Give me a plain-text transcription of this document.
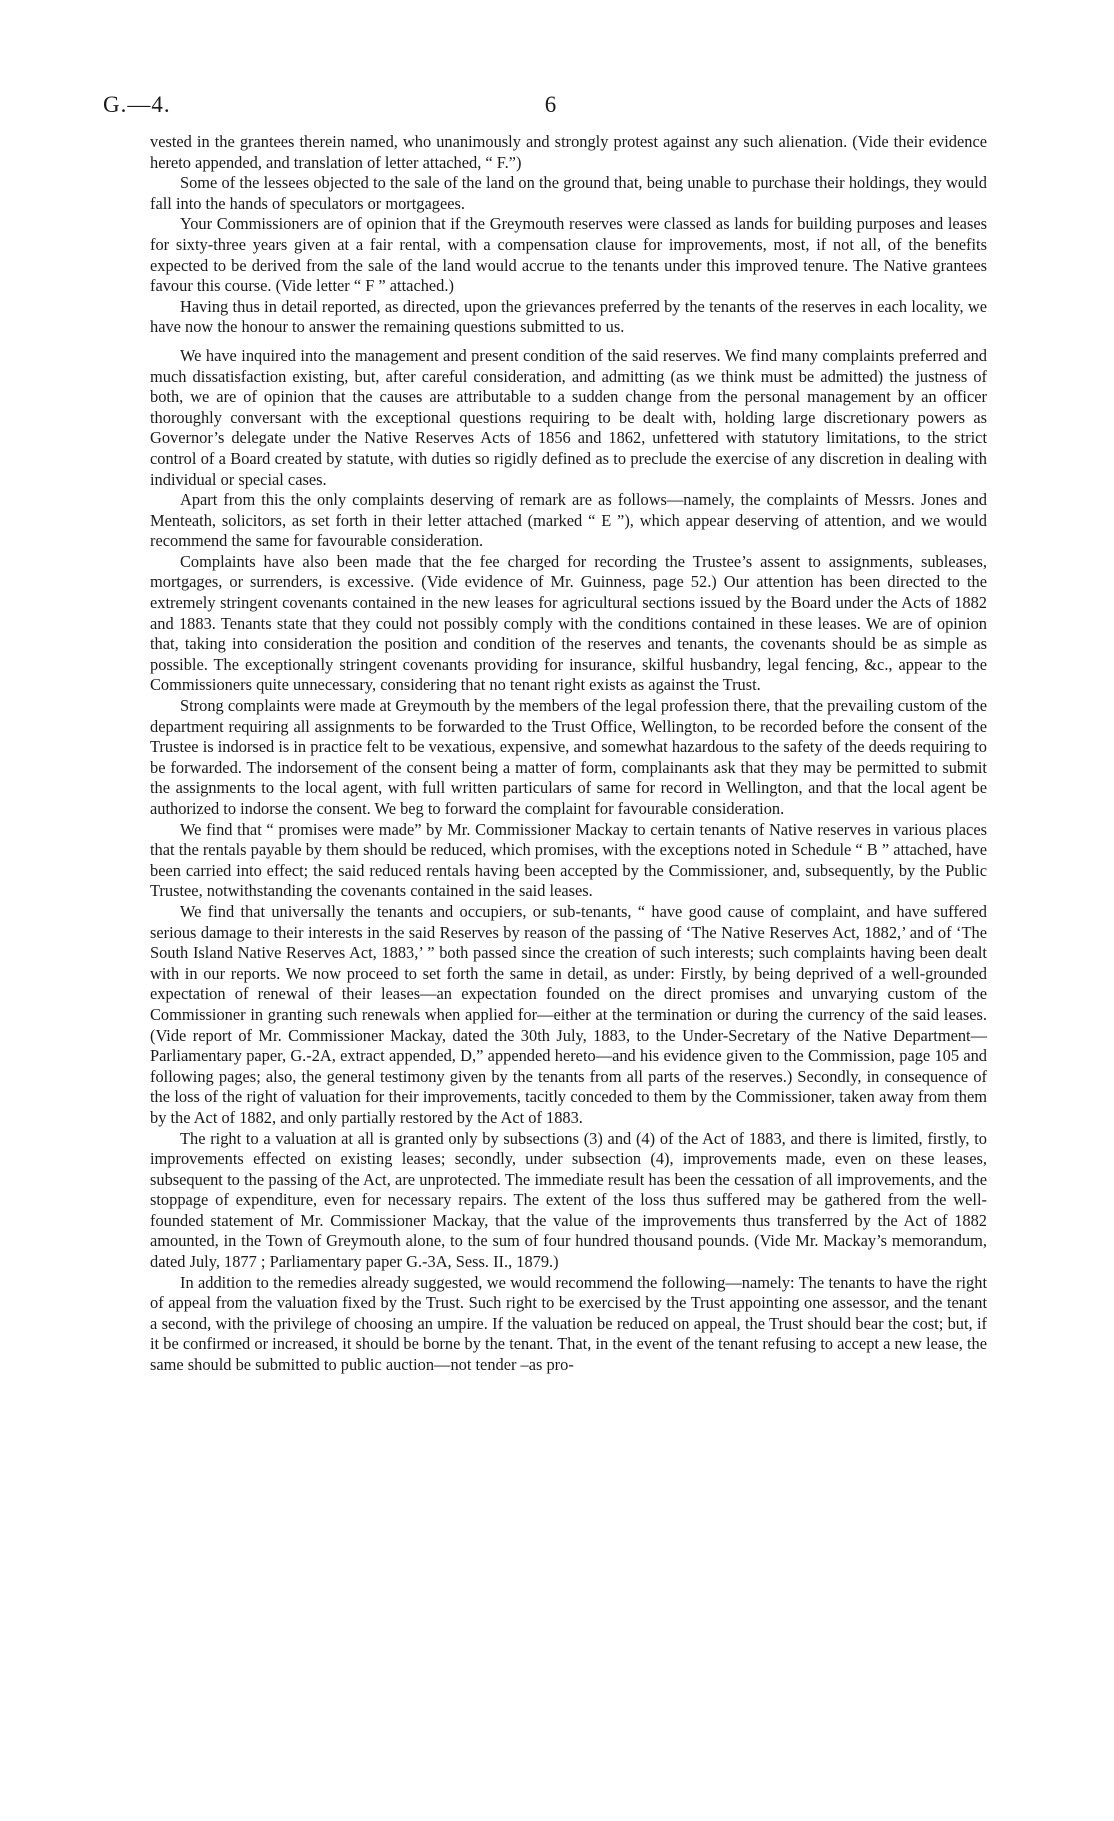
G.—4.	6

vested in the grantees therein named, who unanimously and strongly protest against any such alienation. (Vide their evidence hereto appended, and translation of letter attached, “ F.”)

Some of the lessees objected to the sale of the land on the ground that, being unable to purchase their holdings, they would fall into the hands of speculators or mortgagees.

Your Commissioners are of opinion that if the Greymouth reserves were classed as lands for building purposes and leases for sixty-three years given at a fair rental, with a compensation clause for improvements, most, if not all, of the benefits expected to be derived from the sale of the land would accrue to the tenants under this improved tenure. The Native grantees favour this course. (Vide letter “ F ” attached.)

Having thus in detail reported, as directed, upon the grievances preferred by the tenants of the reserves in each locality, we have now the honour to answer the remaining questions submitted to us.

We have inquired into the management and present condition of the said reserves. We find many complaints preferred and much dissatisfaction existing, but, after careful consideration, and admitting (as we think must be admitted) the justness of both, we are of opinion that the causes are attributable to a sudden change from the personal management by an officer thoroughly conversant with the exceptional questions requiring to be dealt with, holding large discretionary powers as Governor’s delegate under the Native Reserves Acts of 1856 and 1862, unfettered with statutory limitations, to the strict control of a Board created by statute, with duties so rigidly defined as to preclude the exercise of any discretion in dealing with individual or special cases.

Apart from this the only complaints deserving of remark are as follows—namely, the complaints of Messrs. Jones and Menteath, solicitors, as set forth in their letter attached (marked “ E ”), which appear deserving of attention, and we would recommend the same for favourable consideration.

Complaints have also been made that the fee charged for recording the Trustee’s assent to assignments, subleases, mortgages, or surrenders, is excessive. (Vide evidence of Mr. Guinness, page 52.) Our attention has been directed to the extremely stringent covenants contained in the new leases for agricultural sections issued by the Board under the Acts of 1882 and 1883. Tenants state that they could not possibly comply with the conditions contained in these leases. We are of opinion that, taking into consideration the position and condition of the reserves and tenants, the covenants should be as simple as possible. The exceptionally stringent covenants providing for insurance, skilful husbandry, legal fencing, &c., appear to the Commissioners quite unnecessary, considering that no tenant right exists as against the Trust.

Strong complaints were made at Greymouth by the members of the legal profession there, that the prevailing custom of the department requiring all assignments to be forwarded to the Trust Office, Wellington, to be recorded before the consent of the Trustee is indorsed is in practice felt to be vexatious, expensive, and somewhat hazardous to the safety of the deeds requiring to be forwarded. The indorsement of the consent being a matter of form, complainants ask that they may be permitted to submit the assignments to the local agent, with full written particulars of same for record in Wellington, and that the local agent be authorized to indorse the consent. We beg to forward the complaint for favourable consideration.

We find that “ promises were made” by Mr. Commissioner Mackay to certain tenants of Native reserves in various places that the rentals payable by them should be reduced, which promises, with the exceptions noted in Schedule “ B ” attached, have been carried into effect; the said reduced rentals having been accepted by the Commissioner, and, subsequently, by the Public Trustee, notwithstanding the covenants contained in the said leases.

We find that universally the tenants and occupiers, or sub-tenants, “ have good cause of complaint, and have suffered serious damage to their interests in the said Reserves by reason of the passing of ‘The Native Reserves Act, 1882,’ and of ‘The South Island Native Reserves Act, 1883,’ ” both passed since the creation of such interests; such complaints having been dealt with in our reports. We now proceed to set forth the same in detail, as under: Firstly, by being deprived of a well-grounded expectation of renewal of their leases—an expectation founded on the direct promises and unvarying custom of the Commissioner in granting such renewals when applied for—either at the termination or during the currency of the said leases. (Vide report of Mr. Commissioner Mackay, dated the 30th July, 1883, to the Under-Secretary of the Native Department—Parliamentary paper, G.-2A, extract appended, D,” appended hereto—and his evidence given to the Commission, page 105 and following pages; also, the general testimony given by the tenants from all parts of the reserves.) Secondly, in consequence of the loss of the right of valuation for their improvements, tacitly conceded to them by the Commissioner, taken away from them by the Act of 1882, and only partially restored by the Act of 1883.

The right to a valuation at all is granted only by subsections (3) and (4) of the Act of 1883, and there is limited, firstly, to improvements effected on existing leases; secondly, under subsection (4), improvements made, even on these leases, subsequent to the passing of the Act, are unprotected. The immediate result has been the cessation of all improvements, and the stoppage of expenditure, even for necessary repairs. The extent of the loss thus suffered may be gathered from the well-founded statement of Mr. Commissioner Mackay, that the value of the improvements thus transferred by the Act of 1882 amounted, in the Town of Greymouth alone, to the sum of four hundred thousand pounds. (Vide Mr. Mackay’s memorandum, dated July, 1877 ; Parliamentary paper G.-3A, Sess. II., 1879.)

In addition to the remedies already suggested, we would recommend the following—namely: The tenants to have the right of appeal from the valuation fixed by the Trust. Such right to be exercised by the Trust appointing one assessor, and the tenant a second, with the privilege of choosing an umpire. If the valuation be reduced on appeal, the Trust should bear the cost; but, if it be confirmed or increased, it should be borne by the tenant. That, in the event of the tenant refusing to accept a new lease, the same should be submitted to public auction—not tender –as pro-
